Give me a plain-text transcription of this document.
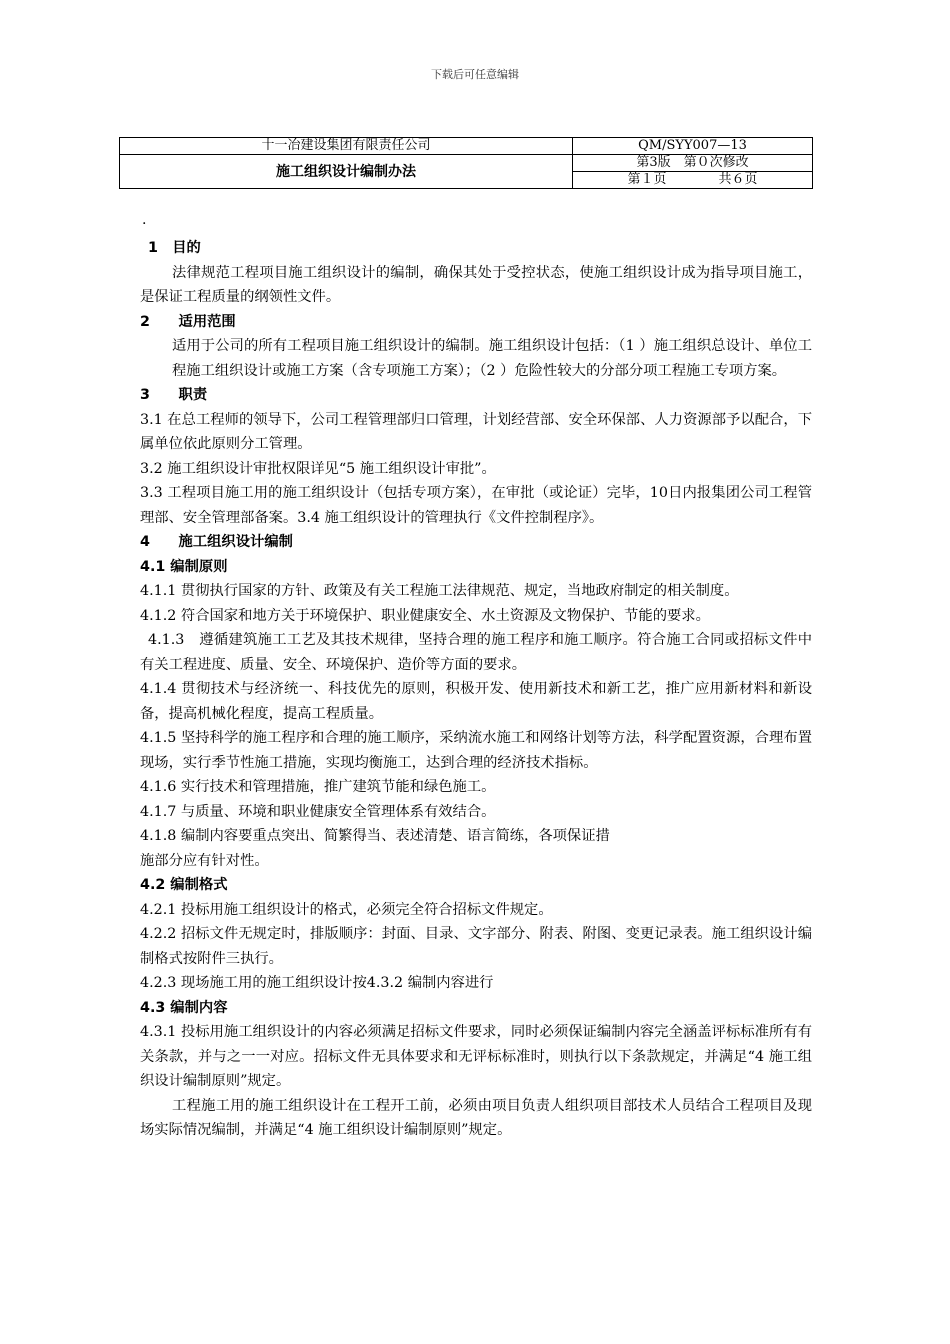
下载后可任意编辑
十一冶建设集团有限责任公司	QM/SYY007—13
施工组织设计编制办法	第3版　第０次修改
	第１页　　　　共６页
.

1　 目的

法律规范工程项目施工组织设计的编制，确保其处于受控状态，使施工组织设计成为指导项目施工，是保证工程质量的纲领性文件。

2　　 适用范围

适用于公司的所有工程项目施工组织设计的编制。施工组织设计包括：（1 ）施工组织总设计、单位工程施工组织设计或施工方案（含专项施工方案）；（2 ）危险性较大的分部分项工程施工专项方案。

3　　 职责

3.1 在总工程师的领导下，公司工程管理部归口管理，计划经营部、安全环保部、人力资源部予以配合，下属单位依此原则分工管理。

3.2 施工组织设计审批权限详见“5 施工组织设计审批”。

3.3 工程项目施工用的施工组织设计（包括专项方案），在审批（或论证）完毕，10日内报集团公司工程管理部、安全管理部备案。3.4 施工组织设计的管理执行《文件控制程序》。

4　　 施工组织设计编制

4.1 编制原则

4.1.1 贯彻执行国家的方针、政策及有关工程施工法律规范、规定，当地政府制定的相关制度。

4.1.2 符合国家和地方关于环境保护、职业健康安全、水土资源及文物保护、节能的要求。

4.1.3　遵循建筑施工工艺及其技术规律，坚持合理的施工程序和施工顺序。符合施工合同或招标文件中有关工程进度、质量、安全、环境保护、造价等方面的要求。

4.1.4 贯彻技术与经济统一、科技优先的原则，积极开发、使用新技术和新工艺，推广应用新材料和新设备，提高机械化程度，提高工程质量。

4.1.5 坚持科学的施工程序和合理的施工顺序，采纳流水施工和网络计划等方法，科学配置资源，合理布置现场，实行季节性施工措施，实现均衡施工，达到合理的经济技术指标。

4.1.6 实行技术和管理措施，推广建筑节能和绿色施工。

4.1.7 与质量、环境和职业健康安全管理体系有效结合。

4.1.8 编制内容要重点突出、简繁得当、表述清楚、语言简练，各项保证措

施部分应有针对性。

4.2 编制格式

4.2.1 投标用施工组织设计的格式，必须完全符合招标文件规定。

4.2.2 招标文件无规定时，排版顺序：封面、目录、文字部分、附表、附图、变更记录表。施工组织设计编制格式按附件三执行。

4.2.3 现场施工用的施工组织设计按4.3.2 编制内容进行

4.3 编制内容

4.3.1 投标用施工组织设计的内容必须满足招标文件要求，同时必须保证编制内容完全涵盖评标标准所有有关条款，并与之一一对应。招标文件无具体要求和无评标标准时，则执行以下条款规定，并满足“4 施工组织设计编制原则”规定。

工程施工用的施工组织设计在工程开工前，必须由项目负责人组织项目部技术人员结合工程项目及现场实际情况编制，并满足“4 施工组织设计编制原则”规定。
